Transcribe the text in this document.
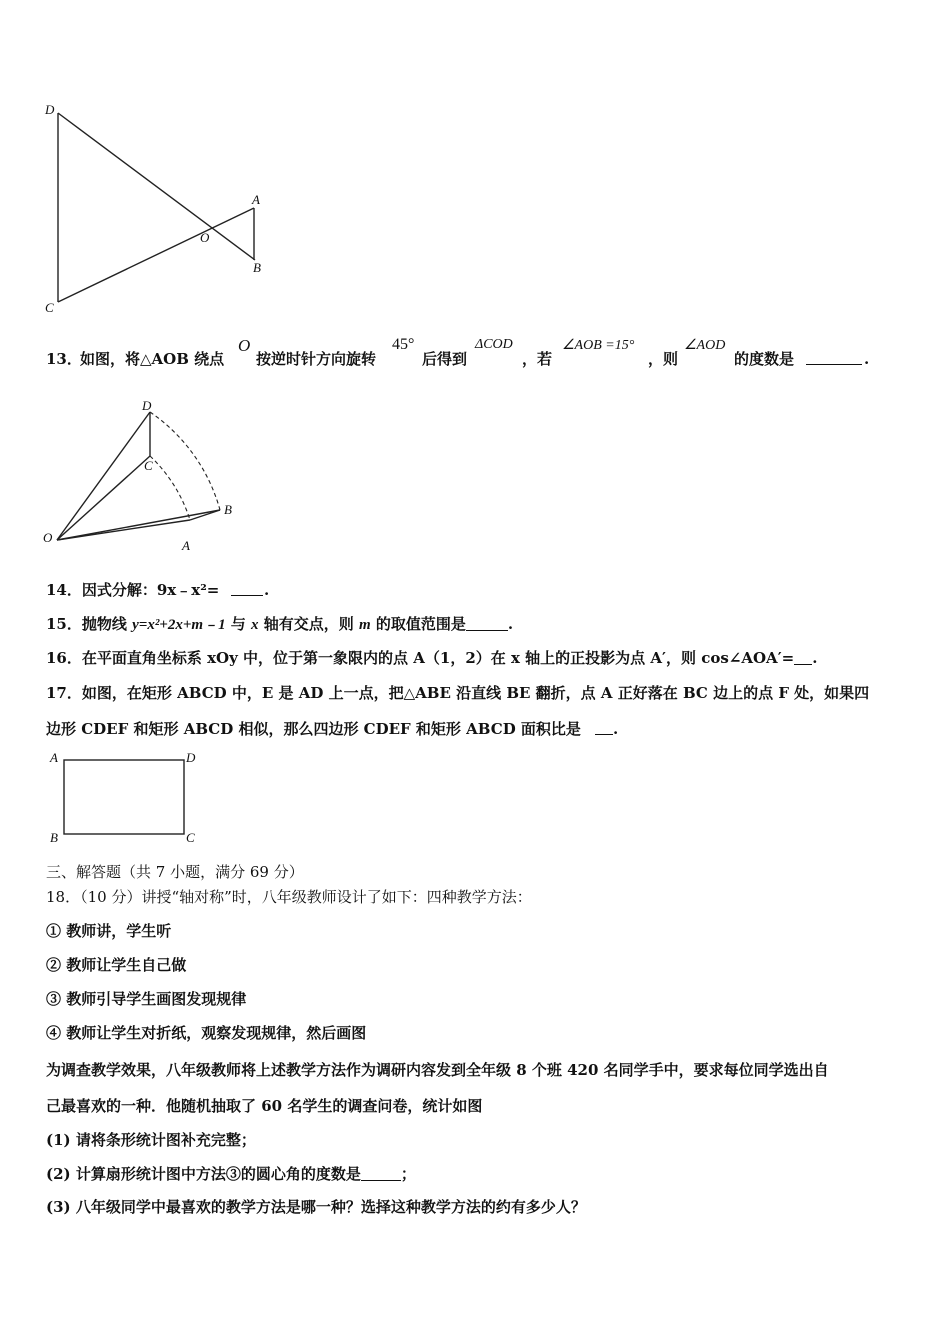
D
A
O
B
C
13．
如图，将△AOB 绕点
O
按逆时针方向旋转
45°
后得到
ΔCOD
，若
∠AOB =15°
，则
∠AOD
的度数是	.
D
C
B
O
A
14．因式分解：9x﹣x²=	.
15．抛物线 y=x²+2x+m﹣1 与 x 轴有交点，则 m 的取值范围是	.
16．在平面直角坐标系 xOy 中，位于第一象限内的点 A（1，2）在 x 轴上的正投影为点 A′，则 cos∠AOA′= .
17．如图，在矩形 ABCD 中，E 是 AD 上一点，把△ABE 沿直线 BE 翻折，点 A 正好落在 BC 边上的点 F 处，如果四
边形 CDEF 和矩形 ABCD 相似，那么四边形 CDEF 和矩形 ABCD 面积比是 .
A	D
B	C
三、解答题（共 7 小题，满分 69 分）
18．（10 分）讲授“轴对称”时，八年级教师设计了如下：四种教学方法：
① 教师讲，学生听
② 教师让学生自己做
③ 教师引导学生画图发现规律
④ 教师让学生对折纸，观察发现规律，然后画图
为调查教学效果，八年级教师将上述教学方法作为调研内容发到全年级 8 个班 420 名同学手中，要求每位同学选出自
己最喜欢的一种．他随机抽取了 60 名学生的调查问卷，统计如图
(1) 请将条形统计图补充完整；
(2) 计算扇形统计图中方法③的圆心角的度数是	；
(3) 八年级同学中最喜欢的教学方法是哪一种？选择这种教学方法的约有多少人？
